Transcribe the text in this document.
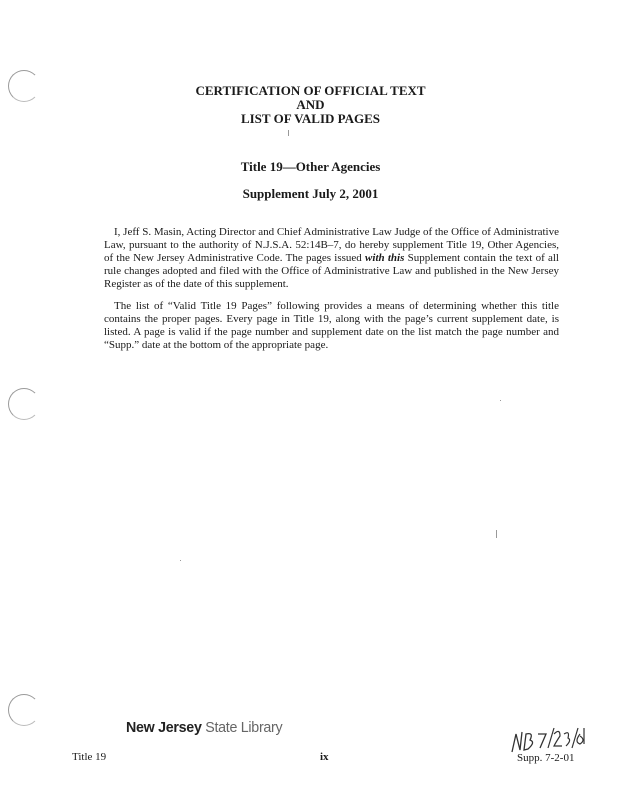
CERTIFICATION OF OFFICIAL TEXT
AND
LIST OF VALID PAGES
Title 19—Other Agencies
Supplement July 2, 2001
I, Jeff S. Masin, Acting Director and Chief Administrative Law Judge of the Office of Administrative Law, pursuant to the authority of N.J.S.A. 52:14B–7, do hereby supplement Title 19, Other Agencies, of the New Jersey Administrative Code. The pages issued with this Supplement contain the text of all rule changes adopted and filed with the Office of Administrative Law and published in the New Jersey Register as of the date of this supplement.
The list of “Valid Title 19 Pages” following provides a means of determining whether this title contains the proper pages. Every page in Title 19, along with the page’s current supplement date, is listed. A page is valid if the page number and supplement date on the list match the page number and “Supp.” date at the bottom of the appropriate page.
New Jersey State Library
Title 19	ix	Supp. 7-2-01
